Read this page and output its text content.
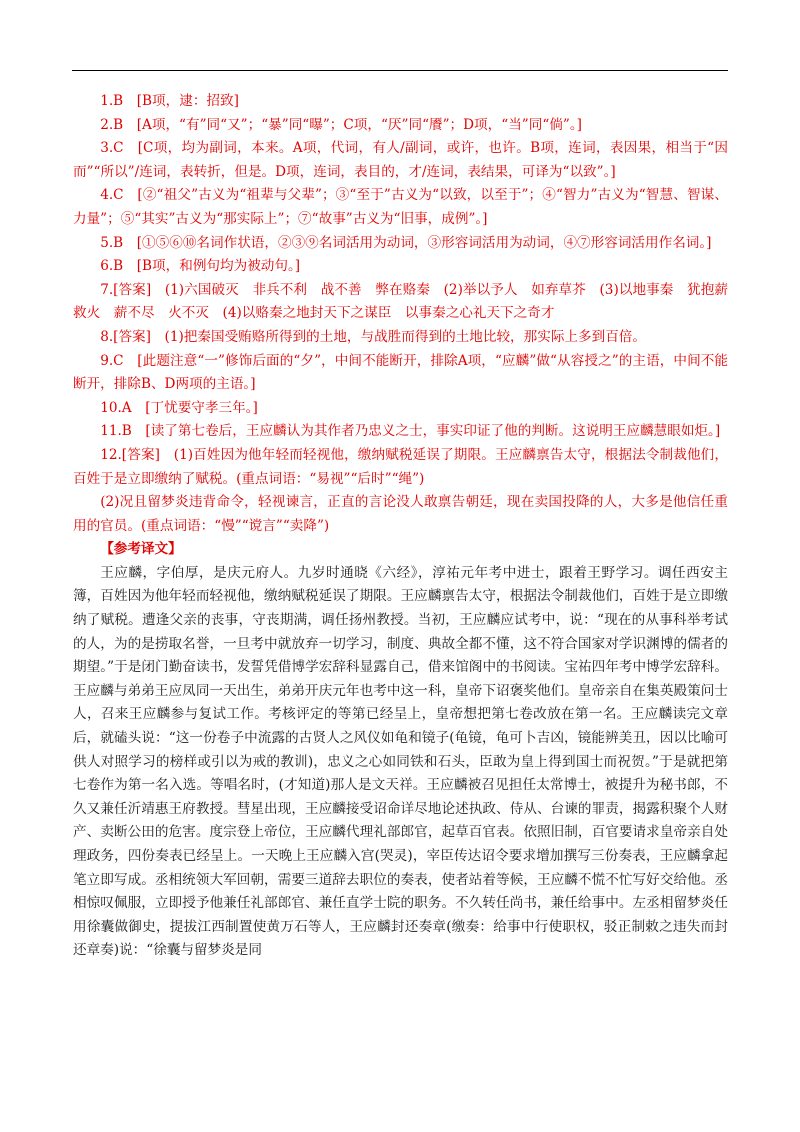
1.B　[B项，逮：招致]

2.B　[A项，“有”同“又”；“暴”同“曝”；C项，“厌”同“餍”；D项，“当”同“倘”。]

3.C　[C项，均为副词，本来。A项，代词，有人/副词，或许，也许。B项，连词，表因果，相当于“因而”“所以”/连词，表转折，但是。D项，连词，表目的，才/连词，表结果，可译为“以致”。]

4.C　[②“祖父”古义为“祖辈与父辈”；③“至于”古义为“以致，以至于”；④“智力”古义为“智慧、智谋、力量”；⑤“其实”古义为“那实际上”；⑦“故事”古义为“旧事，成例”。]

5.B　[①⑤⑥⑩名词作状语，②③⑨名词活用为动词，③形容词活用为动词，④⑦形容词活用作名词。]

6.B　[B项，和例句均为被动句。]

7.[答案]　(1)六国破灭　非兵不利　战不善　弊在赂秦　(2)举以予人　如弃草芥　(3)以地事秦　犹抱薪救火　薪不尽　火不灭　(4)以赂秦之地封天下之谋臣　以事秦之心礼天下之奇才

8.[答案]　(1)把秦国受贿赂所得到的土地，与战胜而得到的土地比较，那实际上多到百倍。

9.C　[此题注意“一”修饰后面的“夕”，中间不能断开，排除A项，“应麟”做“从容授之”的主语，中间不能断开，排除B、D两项的主语。]

10.A　[丁忧要守孝三年。]

11.B　[读了第七卷后，王应麟认为其作者乃忠义之士，事实印证了他的判断。这说明王应麟慧眼如炬。]

12.[答案]　(1)百姓因为他年轻而轻视他，缴纳赋税延误了期限。王应麟禀告太守，根据法令制裁他们，百姓于是立即缴纳了赋税。(重点词语：“易视”“后时”“绳”)

(2)况且留梦炎违背命令，轻视谏言，正直的言论没人敢禀告朝廷，现在卖国投降的人，大多是他信任重用的官员。(重点词语：“慢”“谠言”“卖降”)

【参考译文】

王应麟，字伯厚，是庆元府人。九岁时通晓《六经》，淳祐元年考中进士，跟着王野学习。调任西安主簿，百姓因为他年轻而轻视他，缴纳赋税延误了期限。王应麟禀告太守，根据法令制裁他们，百姓于是立即缴纳了赋税。遭逢父亲的丧事，守丧期满，调任扬州教授。当初，王应麟应试考中，说：“现在的从事科举考试的人，为的是捞取名誉，一旦考中就放弃一切学习，制度、典故全都不懂，这不符合国家对学识渊博的儒者的期望。”于是闭门勤奋读书，发誓凭借博学宏辞科显露自己，借来馆阁中的书阅读。宝祐四年考中博学宏辞科。王应麟与弟弟王应凤同一天出生，弟弟开庆元年也考中这一科，皇帝下诏褒奖他们。皇帝亲自在集英殿策问士人，召来王应麟参与复试工作。考核评定的等第已经呈上，皇帝想把第七卷改放在第一名。王应麟读完文章后，就磕头说：“这一份卷子中流露的古贤人之风仪如龟和镜子(龟镜，龟可卜吉凶，镜能辨美丑，因以比喻可供人对照学习的榜样或引以为戒的教训)，忠义之心如同铁和石头，臣敢为皇上得到国士而祝贺。”于是就把第七卷作为第一名入选。等唱名时，(才知道)那人是文天祥。王应麟被召见担任太常博士，被提升为秘书郎，不久又兼任沂靖惠王府教授。彗星出现，王应麟接受诏命详尽地论述执政、侍从、台谏的罪责，揭露积聚个人财产、卖断公田的危害。度宗登上帝位，王应麟代理礼部郎官，起草百官表。依照旧制，百官要请求皇帝亲自处理政务，四份奏表已经呈上。一天晚上王应麟入宫(哭灵)，宰臣传达诏令要求增加撰写三份奏表，王应麟拿起笔立即写成。丞相统领大军回朝，需要三道辞去职位的奏表，使者站着等候，王应麟不慌不忙写好交给他。丞相惊叹佩服，立即授予他兼任礼部郎官、兼任直学士院的职务。不久转任尚书，兼任给事中。左丞相留梦炎任用徐囊做御史，提拔江西制置使黄万石等人，王应麟封还奏章(缴奏：给事中行使职权，驳正制敕之违失而封还章奏)说：“徐囊与留梦炎是同
